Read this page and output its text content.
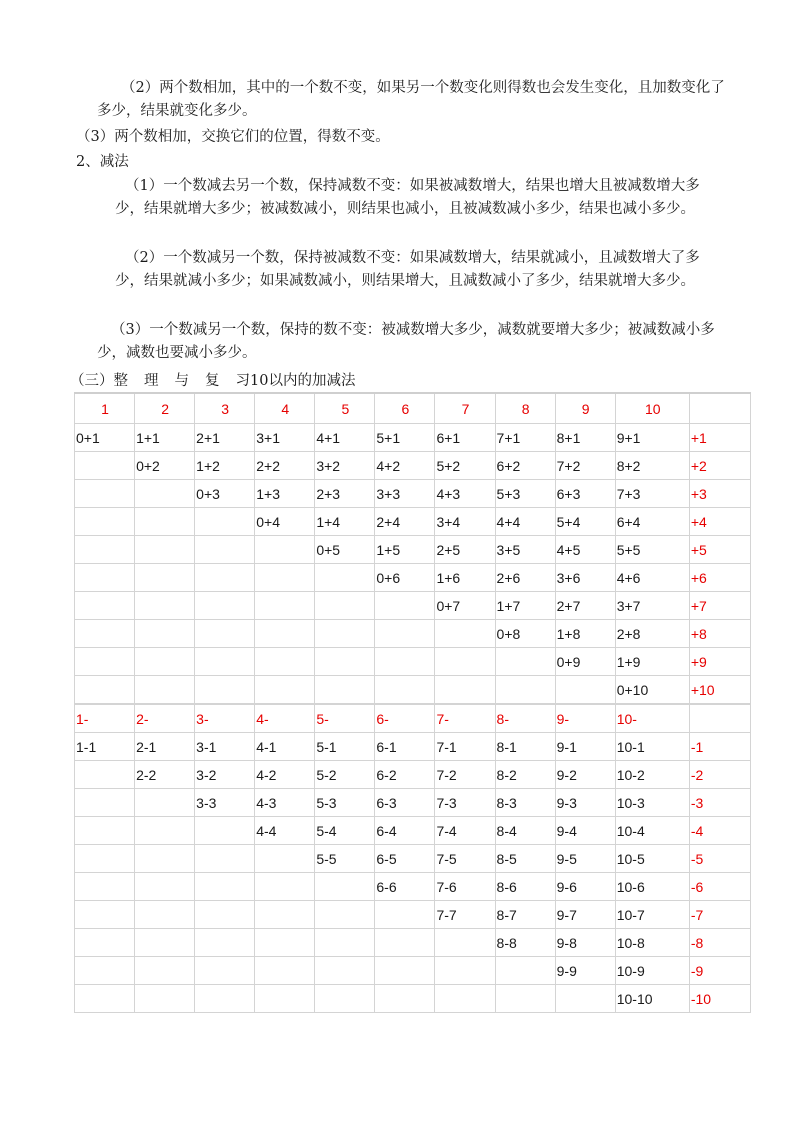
（2）两个数相加，其中的一个数不变，如果另一个数变化则得数也会发生变化，且加数变化了多少，结果就变化多少。
（3）两个数相加，交换它们的位置，得数不变。
2、减法
（1）一个数减去另一个数，保持减数不变：如果被减数增大，结果也增大且被减数增大多少，结果就增大多少；被减数减小，则结果也减小，且被减数减小多少，结果也减小多少。
（2）一个数减另一个数，保持被减数不变：如果减数增大，结果就减小，且减数增大了多少，结果就减小多少；如果减数减小，则结果增大，且减数减小了多少，结果就增大多少。
（3）一个数减另一个数，保持的数不变：被减数增大多少，减数就要增大多少；被减数减小多少，减数也要减小多少。
（三）整 理 与 复 习10以内的加减法
1	2	3	4	5	6	7	8	9	10	
0+1	1+1	2+1	3+1	4+1	5+1	6+1	7+1	8+1	9+1	+1
	0+2	1+2	2+2	3+2	4+2	5+2	6+2	7+2	8+2	+2
		0+3	1+3	2+3	3+3	4+3	5+3	6+3	7+3	+3
			0+4	1+4	2+4	3+4	4+4	5+4	6+4	+4
				0+5	1+5	2+5	3+5	4+5	5+5	+5
					0+6	1+6	2+6	3+6	4+6	+6
						0+7	1+7	2+7	3+7	+7
							0+8	1+8	2+8	+8
								0+9	1+9	+9
									0+10	+10
1-	2-	3-	4-	5-	6-	7-	8-	9-	10-	
1-1	2-1	3-1	4-1	5-1	6-1	7-1	8-1	9-1	10-1	-1
	2-2	3-2	4-2	5-2	6-2	7-2	8-2	9-2	10-2	-2
		3-3	4-3	5-3	6-3	7-3	8-3	9-3	10-3	-3
			4-4	5-4	6-4	7-4	8-4	9-4	10-4	-4
				5-5	6-5	7-5	8-5	9-5	10-5	-5
					6-6	7-6	8-6	9-6	10-6	-6
						7-7	8-7	9-7	10-7	-7
							8-8	9-8	10-8	-8
								9-9	10-9	-9
									10-10	-10
